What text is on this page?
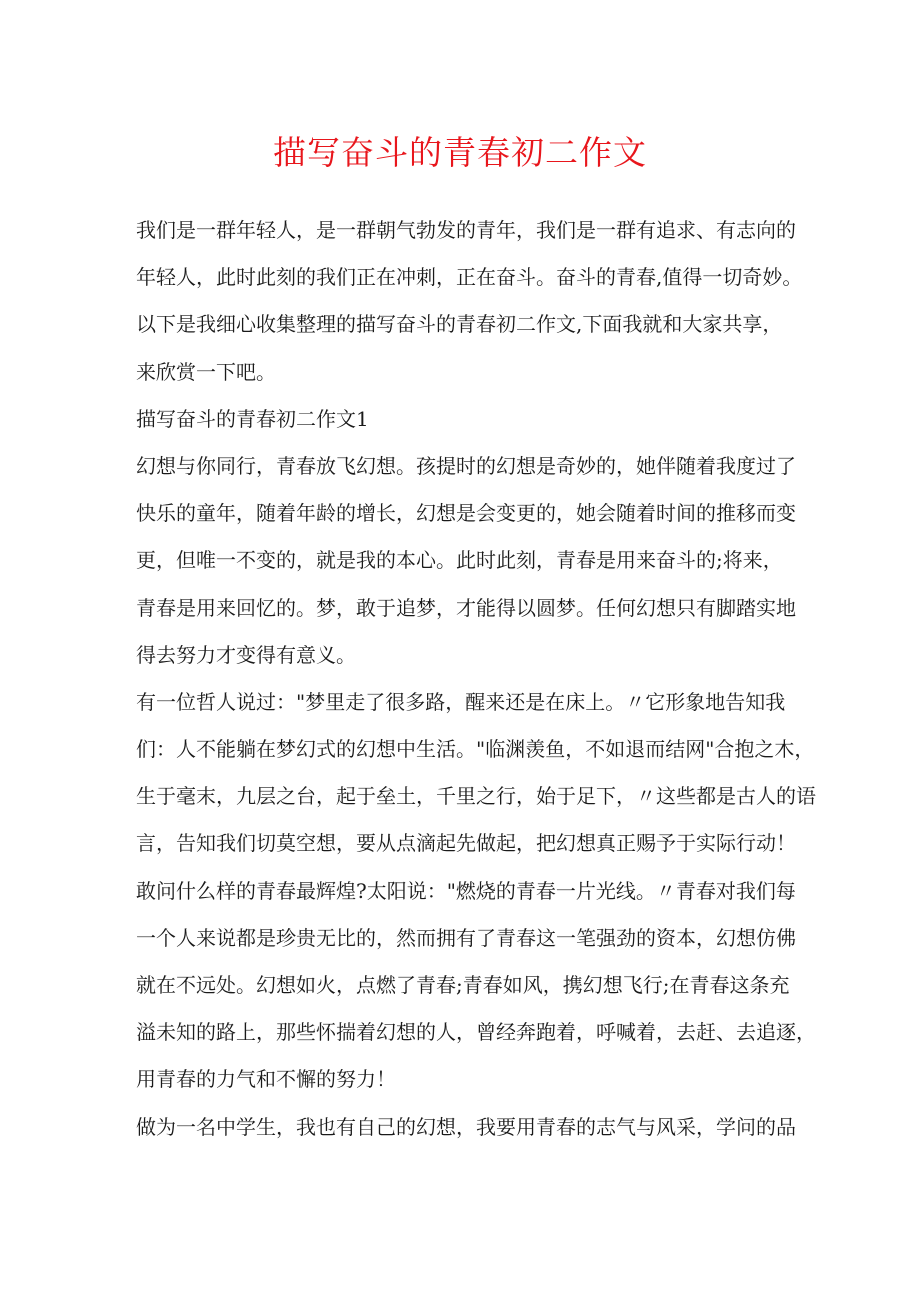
描写奋斗的青春初二作文
我们是一群年轻人，是一群朝气勃发的青年，我们是一群有追求、有志向的
年轻人，此时此刻的我们正在冲刺，正在奋斗。奋斗的青春,值得一切奇妙。
以下是我细心收集整理的描写奋斗的青春初二作文,下面我就和大家共享，
来欣赏一下吧。
描写奋斗的青春初二作文1
幻想与你同行，青春放飞幻想。孩提时的幻想是奇妙的，她伴随着我度过了
快乐的童年，随着年龄的增长，幻想是会变更的，她会随着时间的推移而变
更，但唯一不变的，就是我的本心。此时此刻，青春是用来奋斗的;将来，
青春是用来回忆的。梦，敢于追梦，才能得以圆梦。任何幻想只有脚踏实地
得去努力才变得有意义。
有一位哲人说过："梦里走了很多路，醒来还是在床上。〃它形象地告知我
们：人不能躺在梦幻式的幻想中生活。"临渊羡鱼，不如退而结网"合抱之木，
生于毫末，九层之台，起于垒土，千里之行，始于足下，〃这些都是古人的语
言，告知我们切莫空想，要从点滴起先做起，把幻想真正赐予于实际行动！
敢问什么样的青春最辉煌?太阳说："燃烧的青春一片光线。〃青春对我们每
一个人来说都是珍贵无比的，然而拥有了青春这一笔强劲的资本，幻想仿佛
就在不远处。幻想如火，点燃了青春;青春如风，携幻想飞行;在青春这条充
溢未知的路上，那些怀揣着幻想的人，曾经奔跑着，呼喊着，去赶、去追逐，
用青春的力气和不懈的努力！
做为一名中学生，我也有自己的幻想，我要用青春的志气与风采，学问的品
